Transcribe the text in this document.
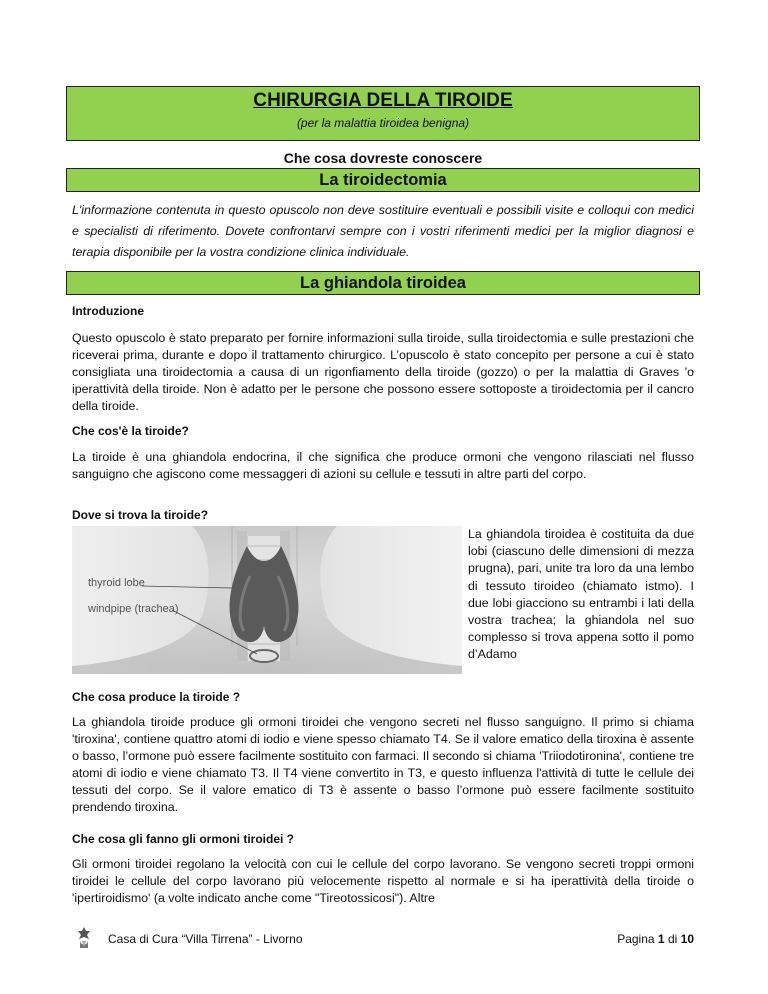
CHIRURGIA DELLA TIROIDE
(per la malattia tiroidea benigna)
Che cosa dovreste conoscere
La tiroidectomia
L'informazione contenuta in questo opuscolo non deve sostituire eventuali e possibili visite e colloqui con medici e specialisti di riferimento. Dovete confrontarvi sempre con i vostri riferimenti medici per la miglior diagnosi e terapia disponibile per la vostra condizione clinica individuale.
La ghiandola tiroidea
Introduzione
Questo opuscolo è stato preparato per fornire informazioni sulla tiroide, sulla tiroidectomia e sulle prestazioni che riceverai prima, durante e dopo il trattamento chirurgico. L’opuscolo è stato concepito per persone a cui è stato consigliata una tiroidectomia a causa di un rigonfiamento della tiroide (gozzo) o per la malattia di Graves 'o iperattività della tiroide. Non è adatto per le persone che possono essere sottoposte a tiroidectomia per il cancro della tiroide.
Che cos'è la tiroide?
La tiroide è una ghiandola endocrina, il che significa che produce ormoni che vengono rilasciati nel flusso sanguigno che agiscono come messaggeri di azioni su cellule e tessuti in altre parti del corpo.
Dove si trova la tiroide?
thyroid lobe
windpipe (trachea)
La ghiandola tiroidea è costituita da due lobi (ciascuno delle dimensioni di mezza prugna), pari, unite tra loro da una lembo di tessuto tiroideo (chiamato istmo). I due lobi giacciono su entrambi i lati della vostra trachea; la ghiandola nel suo complesso si trova appena sotto il pomo d’Adamo
Che cosa produce la tiroide ?
La ghiandola tiroide produce gli ormoni tiroidei che vengono secreti nel flusso sanguigno. Il primo si chiama 'tiroxina', contiene quattro atomi di iodio e viene spesso chiamato T4. Se il valore ematico della tiroxina è assente o basso, l’ormone può essere facilmente sostituito con farmaci. Il secondo si chiama 'Triiodotironina', contiene tre atomi di iodio e viene chiamato T3. Il T4 viene convertito in T3, e questo influenza l'attività di tutte le cellule dei tessuti del corpo. Se il valore ematico di T3 è assente o basso l’ormone può essere facilmente sostituito prendendo tiroxina.
Che cosa gli fanno gli ormoni tiroidei ?
Gli ormoni tiroidei regolano la velocità con cui le cellule del corpo lavorano. Se vengono secreti troppi ormoni tiroidei le cellule del corpo lavorano più velocemente rispetto al normale e si ha iperattività della tiroide o 'ipertiroidismo' (a volte indicato anche come "Tireotossicosi"). Altre
Casa di Cura “Villa Tirrena” - Livorno	Pagina 1 di 10
